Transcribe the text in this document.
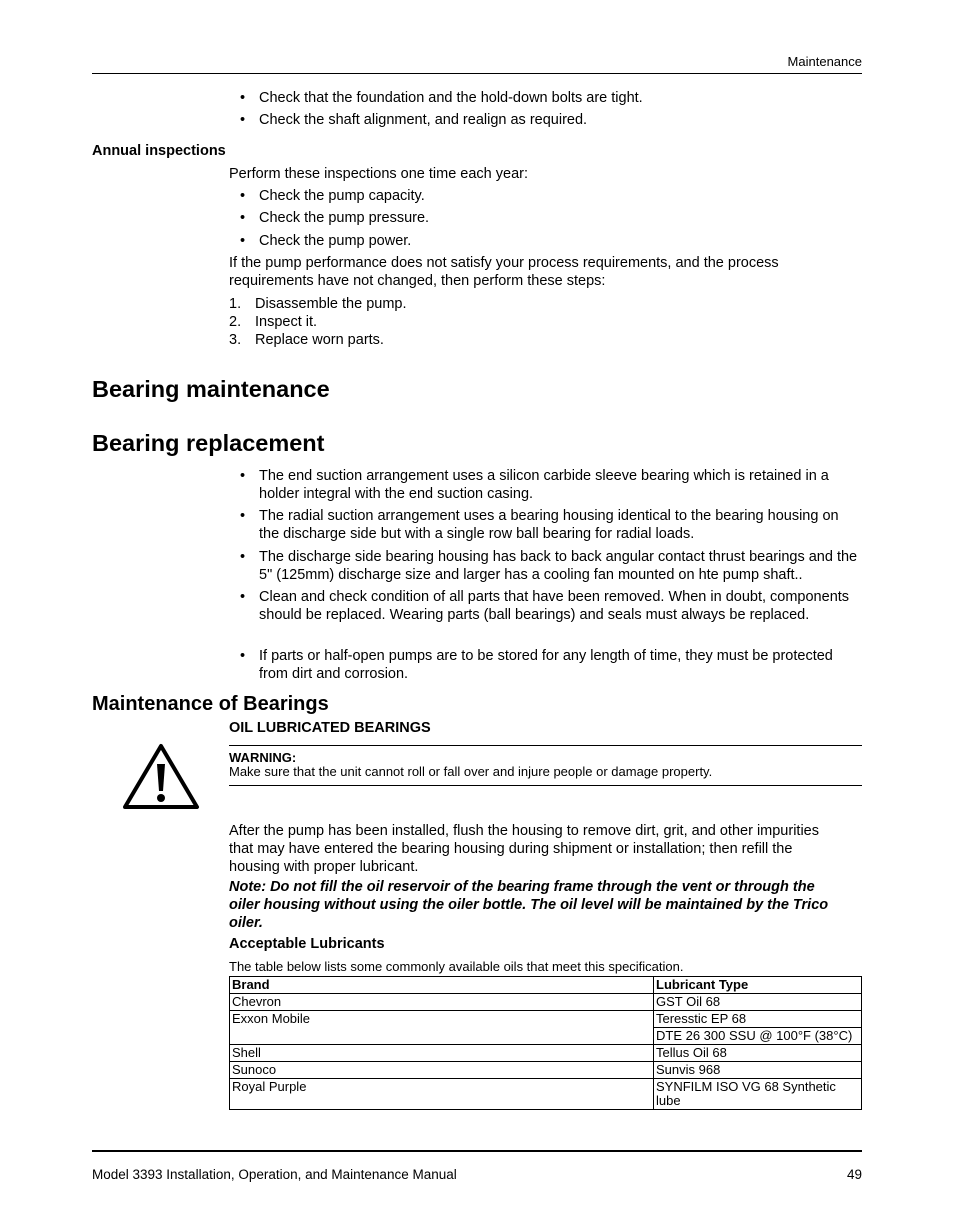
Maintenance
• Check that the foundation and the hold-down bolts are tight.
• Check the shaft alignment, and realign as required.
Annual inspections
Perform these inspections one time each year:
• Check the pump capacity.
• Check the pump pressure.
• Check the pump power.
If the pump performance does not satisfy your process requirements, and the process
requirements have not changed, then perform these steps:
1. Disassemble the pump.
2. Inspect it.
3. Replace worn parts.
Bearing maintenance
Bearing replacement
• The end suction arrangement uses a silicon carbide sleeve bearing which is retained in a holder integral with the end suction casing.
• The radial suction arrangement uses a bearing housing identical to the bearing housing on the discharge side but with a single row ball bearing for radial loads.
• The discharge side bearing housing has back to back angular contact thrust bearings and the 5" (125mm) discharge size and larger has a cooling fan mounted on hte pump shaft..
• Clean and check condition of all parts that have been removed. When in doubt, components should be replaced. Wearing parts (ball bearings) and seals must always be replaced.
• If parts or half-open pumps are to be stored for any length of time, they must be protected from dirt and corrosion.
Maintenance of Bearings
OIL LUBRICATED BEARINGS
WARNING:
Make sure that the unit cannot roll or fall over and injure people or damage property.
After the pump has been installed, flush the housing to remove dirt, grit, and other impurities
that may have entered the bearing housing during shipment or installation; then refill the
housing with proper lubricant.
Note: Do not fill the oil reservoir of the bearing frame through the vent or through the
oiler housing without using the oiler bottle. The oil level will be maintained by the Trico
oiler.
Acceptable Lubricants
The table below lists some commonly available oils that meet this specification.
Brand	Lubricant Type
Chevron	GST Oil 68
Exxon Mobile	Teresstic EP 68
	DTE 26 300 SSU @ 100°F (38°C)
Shell	Tellus Oil 68
Sunoco	Sunvis 968
Royal Purple	SYNFILM ISO VG 68 Synthetic lube
Model 3393 Installation, Operation, and Maintenance Manual	49
